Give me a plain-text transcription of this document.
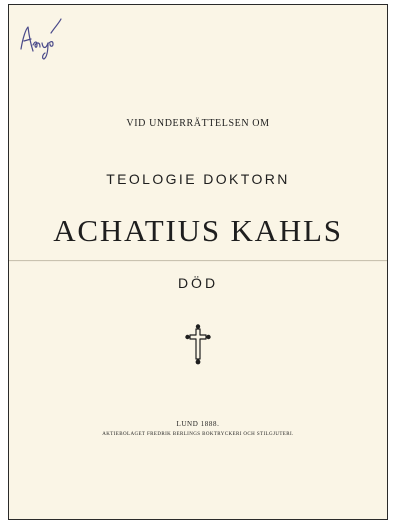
VID UNDERRÄTTELSEN OM
TEOLOGIE DOKTORN
ACHATIUS KAHLS
DÖD
LUND 1888.
AKTIEBOLAGET FREDRIK BERLINGS BOKTRYCKERI OCH STILGJUTERI.
